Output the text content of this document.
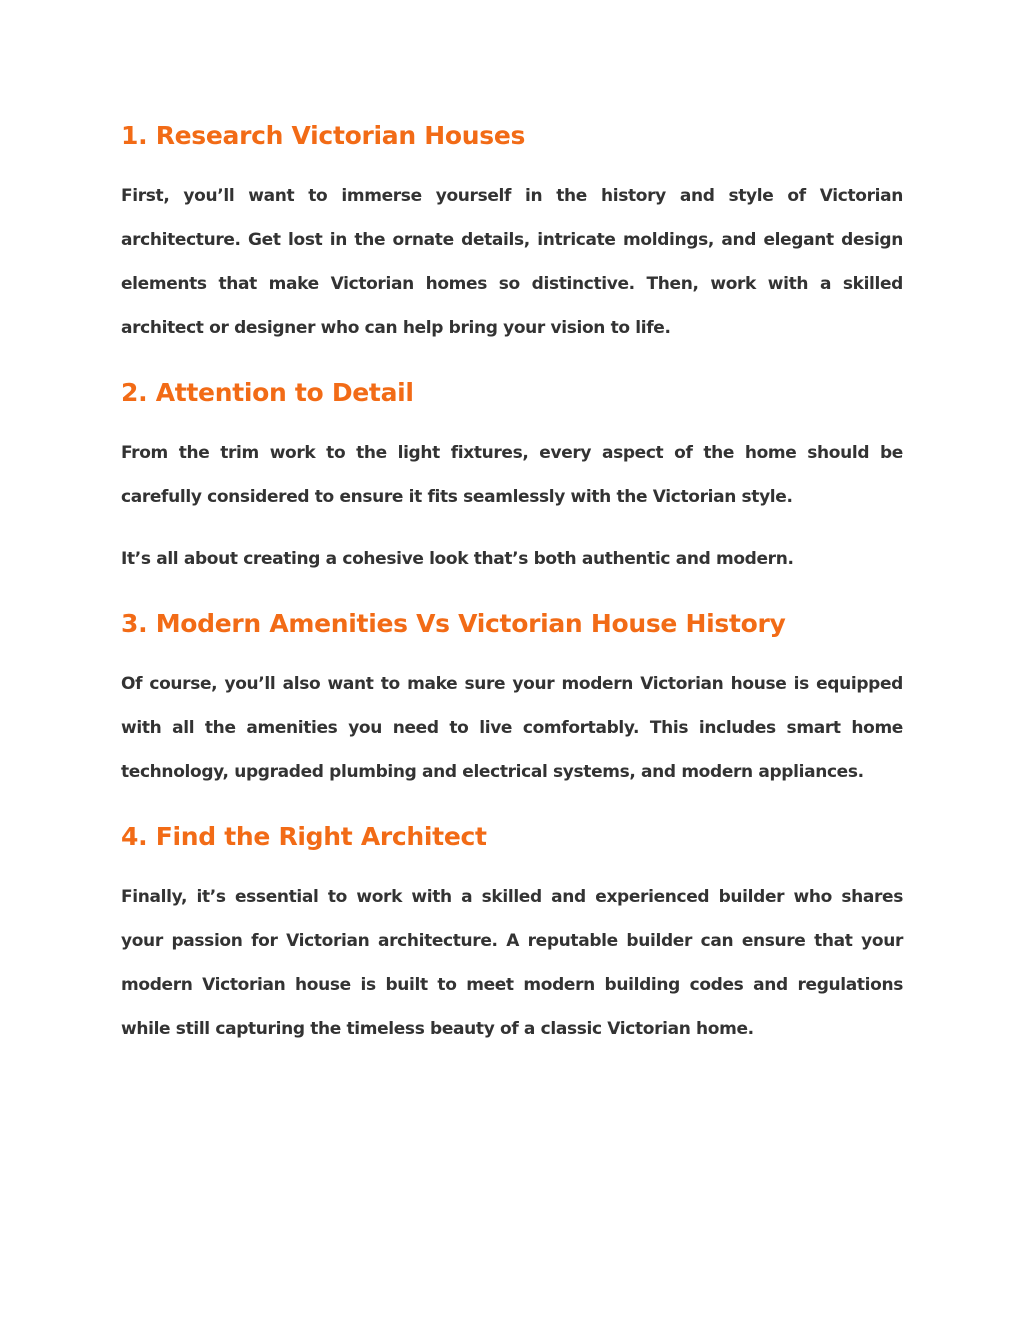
1. Research Victorian Houses

First, you’ll want to immerse yourself in the history and style of Victorian architecture. Get lost in the ornate details, intricate moldings, and elegant design elements that make Victorian homes so distinctive. Then, work with a skilled architect or designer who can help bring your vision to life.

2. Attention to Detail

From the trim work to the light fixtures, every aspect of the home should be carefully considered to ensure it fits seamlessly with the Victorian style.

It’s all about creating a cohesive look that’s both authentic and modern.

3. Modern Amenities Vs Victorian House History

Of course, you’ll also want to make sure your modern Victorian house is equipped with all the amenities you need to live comfortably. This includes smart home technology, upgraded plumbing and electrical systems, and modern appliances.

4. Find the Right Architect

Finally, it’s essential to work with a skilled and experienced builder who shares your passion for Victorian architecture. A reputable builder can ensure that your modern Victorian house is built to meet modern building codes and regulations while still capturing the timeless beauty of a classic Victorian home.
